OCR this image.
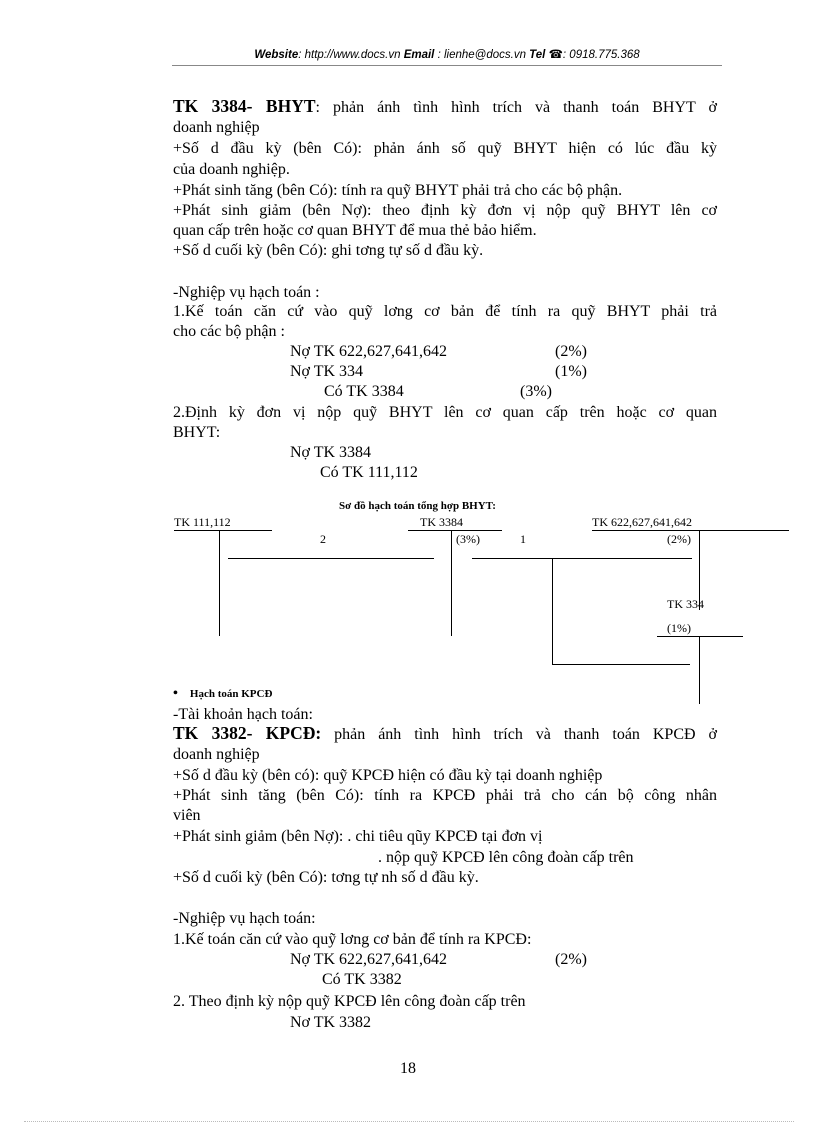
Website: http://www.docs.vn Email : lienhe@docs.vn Tel ☎: 0918.775.368
TK 3384- BHYT: phản ánh tình hình trích và thanh toán BHYT ở
doanh nghiệp
+Số d đầu kỳ (bên Có): phản ánh số quỹ BHYT hiện có lúc đầu kỳ
của doanh nghiệp.
+Phát sinh tăng (bên Có): tính ra quỹ BHYT phải trả cho các bộ phận.
+Phát sinh giảm (bên Nợ): theo định kỳ đơn vị nộp quỹ BHYT lên cơ
quan cấp trên hoặc cơ quan BHYT để mua thẻ bảo hiểm.
+Số d cuối kỳ (bên Có): ghi tơng tự số d đầu kỳ.
-Nghiệp vụ hạch toán :
1.Kế toán căn cứ vào quỹ lơng cơ bản để tính ra quỹ BHYT phải trả
cho các bộ phận :
Nợ TK 622,627,641,642	(2%)
Nợ TK 334	(1%)
Có TK 3384	(3%)
2.Định kỳ đơn vị nộp quỹ BHYT lên cơ quan cấp trên hoặc cơ quan
BHYT:
Nợ TK 3384
Có TK 111,112
Sơ đồ hạch toán tổng hợp BHYT:
TK 111,112	TK 3384	TK 622,627,641,642
2	(3%)	1	(2%)
TK 334
(1%)
• Hạch toán KPCĐ
-Tài khoản hạch toán:
TK 3382- KPCĐ: phản ánh tình hình trích và thanh toán KPCĐ ở
doanh nghiệp
+Số d đầu kỳ (bên có): quỹ KPCĐ hiện có đầu kỳ tại doanh nghiệp
+Phát sinh tăng (bên Có): tính ra KPCĐ phải trả cho cán bộ công nhân
viên
+Phát sinh giảm (bên Nợ): . chi tiêu qũy KPCĐ tại đơn vị
. nộp quỹ KPCĐ lên công đoàn cấp trên
+Số d cuối kỳ (bên Có): tơng tự nh số d đầu kỳ.
-Nghiệp vụ hạch toán:
1.Kế toán căn cứ vào quỹ lơng cơ bản để tính ra KPCĐ:
Nợ TK 622,627,641,642	(2%)
Có TK 3382
2. Theo định kỳ nộp quỹ KPCĐ lên công đoàn cấp trên
Nơ TK 3382
18
